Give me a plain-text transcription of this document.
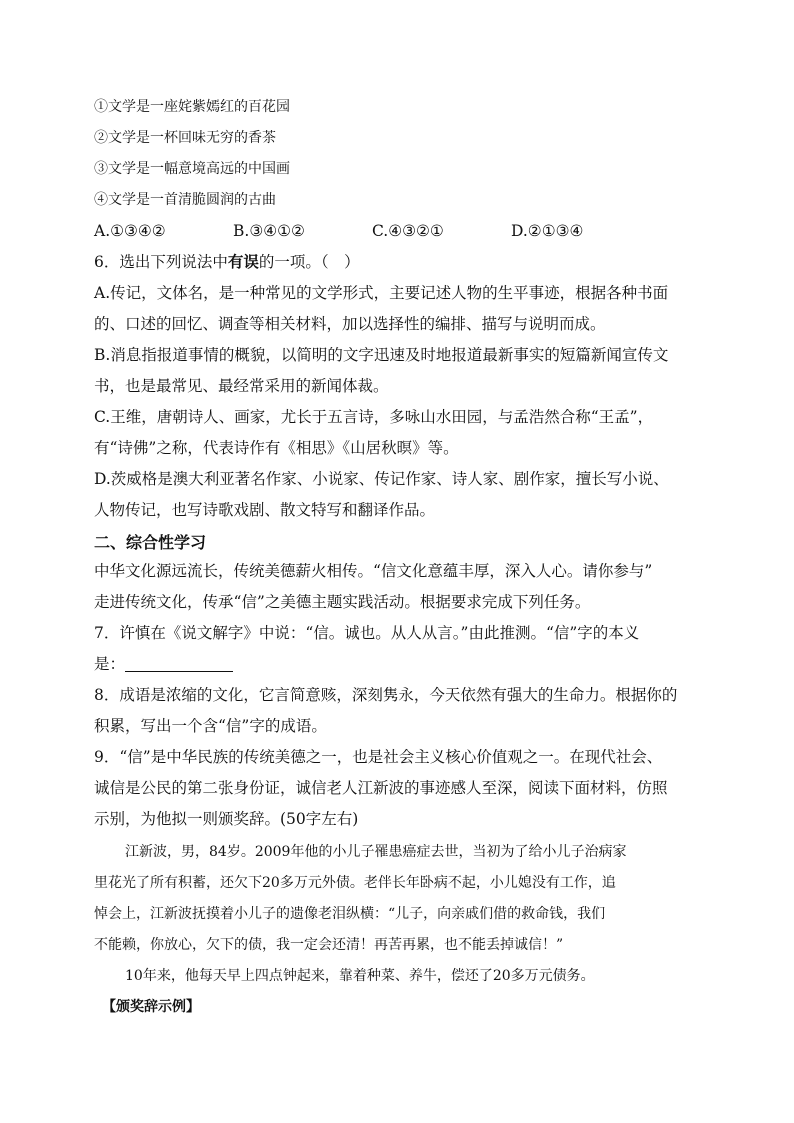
①文学是一座姹紫嫣红的百花园
②文学是一杯回味无穷的香茶
③文学是一幅意境高远的中国画
④文学是一首清脆圆润的古曲
A.①③④②	B.③④①②	C.④③②①	D.②①③④
6．选出下列说法中有误的一项。（　）
A.传记，文体名，是一种常见的文学形式，主要记述人物的生平事迹，根据各种书面
的、口述的回忆、调查等相关材料，加以选择性的编排、描写与说明而成。
B.消息指报道事情的概貌，以简明的文字迅速及时地报道最新事实的短篇新闻宣传文
书，也是最常见、最经常采用的新闻体裁。
C.王维，唐朝诗人、画家，尤长于五言诗，多咏山水田园，与孟浩然合称“王孟”，
有“诗佛”之称，代表诗作有《相思》《山居秋暝》等。
D.茨威格是澳大利亚著名作家、小说家、传记作家、诗人家、剧作家，擅长写小说、
人物传记，也写诗歌戏剧、散文特写和翻译作品。
二、综合性学习
中华文化源远流长，传统美德薪火相传。“信文化意蕴丰厚，深入人心。请你参与”
走进传统文化，传承“信”之美德主题实践活动。根据要求完成下列任务。
7．许慎在《说文解字》中说：“信。诚也。从人从言。”由此推测。“信”字的本义
是：
8．成语是浓缩的文化，它言简意赅，深刻隽永，今天依然有强大的生命力。根据你的
积累，写出一个含“信”字的成语。
9．“信”是中华民族的传统美德之一，也是社会主义核心价值观之一。在现代社会、
诚信是公民的第二张身份证，诚信老人江新波的事迹感人至深，阅读下面材料，仿照
示别，为他拟一则颁奖辞。(50字左右)
江新波，男，84岁。2009年他的小儿子罹患癌症去世，当初为了给小儿子治病家
里花光了所有积蓄，还欠下20多万元外债。老伴长年卧病不起，小儿媳没有工作，追
悼会上，江新波抚摸着小儿子的遗像老泪纵横：“儿子，向亲戚们借的救命钱，我们
不能赖，你放心，欠下的债，我一定会还清！再苦再累，也不能丢掉诚信！”
10年来，他每天早上四点钟起来，靠着种菜、养牛，偿还了20多万元债务。
【颁奖辞示例】
